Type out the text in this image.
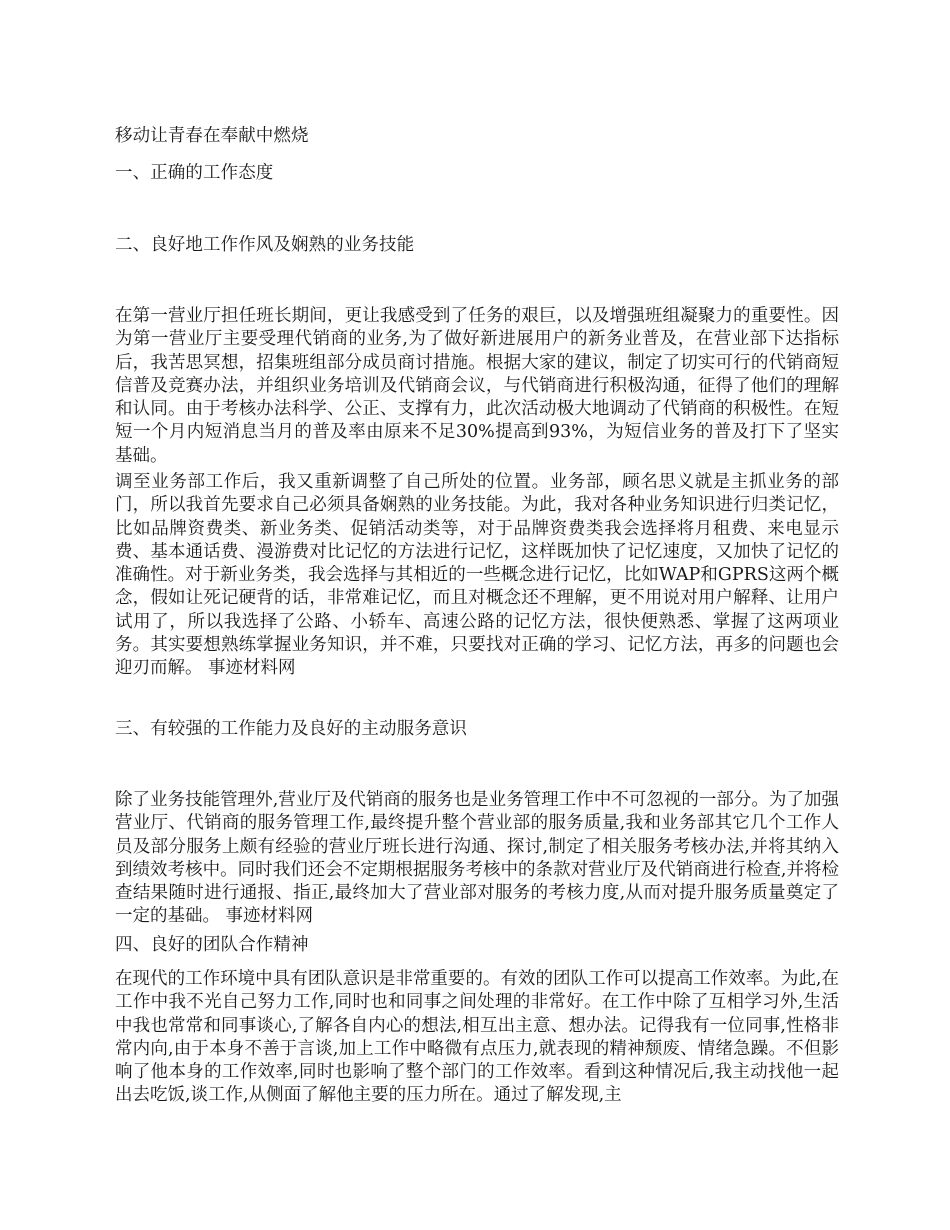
移动让青春在奉献中燃烧
一、正确的工作态度
二、良好地工作作风及娴熟的业务技能

在第一营业厅担任班长期间，更让我感受到了任务的艰巨，以及增强班组凝聚力的重要性。因为第一营业厅主要受理代销商的业务,为了做好新进展用户的新务业普及，在营业部下达指标后，我苦思冥想，招集班组部分成员商讨措施。根据大家的建议，制定了切实可行的代销商短信普及竞赛办法，并组织业务培训及代销商会议，与代销商进行积极沟通，征得了他们的理解和认同。由于考核办法科学、公正、支撑有力，此次活动极大地调动了代销商的积极性。在短短一个月内短消息当月的普及率由原来不足30%提高到93%，为短信业务的普及打下了坚实基础。

调至业务部工作后，我又重新调整了自己所处的位置。业务部，顾名思义就是主抓业务的部门，所以我首先要求自己必须具备娴熟的业务技能。为此，我对各种业务知识进行归类记忆，比如品牌资费类、新业务类、促销活动类等，对于品牌资费类我会选择将月租费、来电显示费、基本通话费、漫游费对比记忆的方法进行记忆，这样既加快了记忆速度，又加快了记忆的准确性。对于新业务类，我会选择与其相近的一些概念进行记忆，比如WAP和GPRS这两个概念，假如让死记硬背的话，非常难记忆，而且对概念还不理解，更不用说对用户解释、让用户试用了，所以我选择了公路、小轿车、高速公路的记忆方法，很快便熟悉、掌握了这两项业务。其实要想熟练掌握业务知识，并不难，只要找对正确的学习、记忆方法，再多的问题也会迎刃而解。 事迹材料网

三、有较强的工作能力及良好的主动服务意识

除了业务技能管理外,营业厅及代销商的服务也是业务管理工作中不可忽视的一部分。为了加强营业厅、代销商的服务管理工作,最终提升整个营业部的服务质量,我和业务部其它几个工作人员及部分服务上颇有经验的营业厅班长进行沟通、探讨,制定了相关服务考核办法,并将其纳入到绩效考核中。同时我们还会不定期根据服务考核中的条款对营业厅及代销商进行检查,并将检查结果随时进行通报、指正,最终加大了营业部对服务的考核力度,从而对提升服务质量奠定了一定的基础。 事迹材料网

四、良好的团队合作精神

在现代的工作环境中具有团队意识是非常重要的。有效的团队工作可以提高工作效率。为此,在工作中我不光自己努力工作,同时也和同事之间处理的非常好。在工作中除了互相学习外,生活中我也常常和同事谈心,了解各自内心的想法,相互出主意、想办法。记得我有一位同事,性格非常内向,由于本身不善于言谈,加上工作中略微有点压力,就表现的精神颓废、情绪急躁。不但影响了他本身的工作效率,同时也影响了整个部门的工作效率。看到这种情况后,我主动找他一起出去吃饭,谈工作,从侧面了解他主要的压力所在。通过了解发现,主
